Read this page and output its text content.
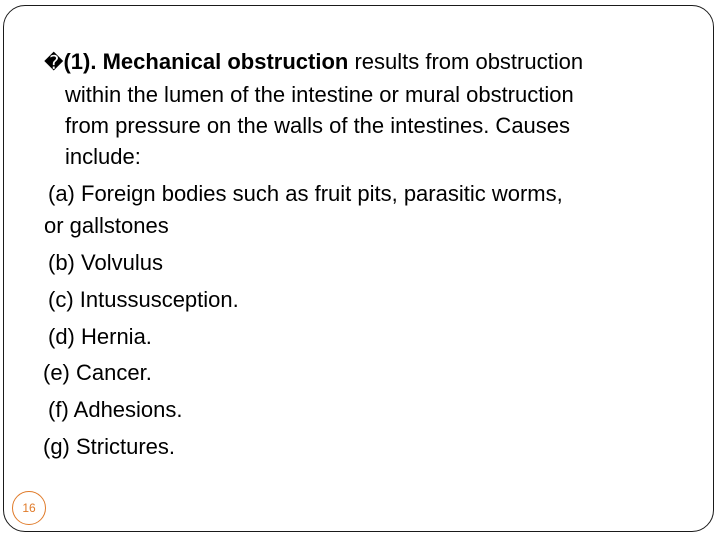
�(1). Mechanical obstruction results from obstruction
within the lumen of the intestine or mural obstruction
from pressure on the walls of the intestines. Causes
include:
(a) Foreign bodies such as fruit pits, parasitic worms,
or gallstones
(b) Volvulus
(c) Intussusception.
(d) Hernia.
(e) Cancer.
(f) Adhesions.
(g) Strictures.
16
